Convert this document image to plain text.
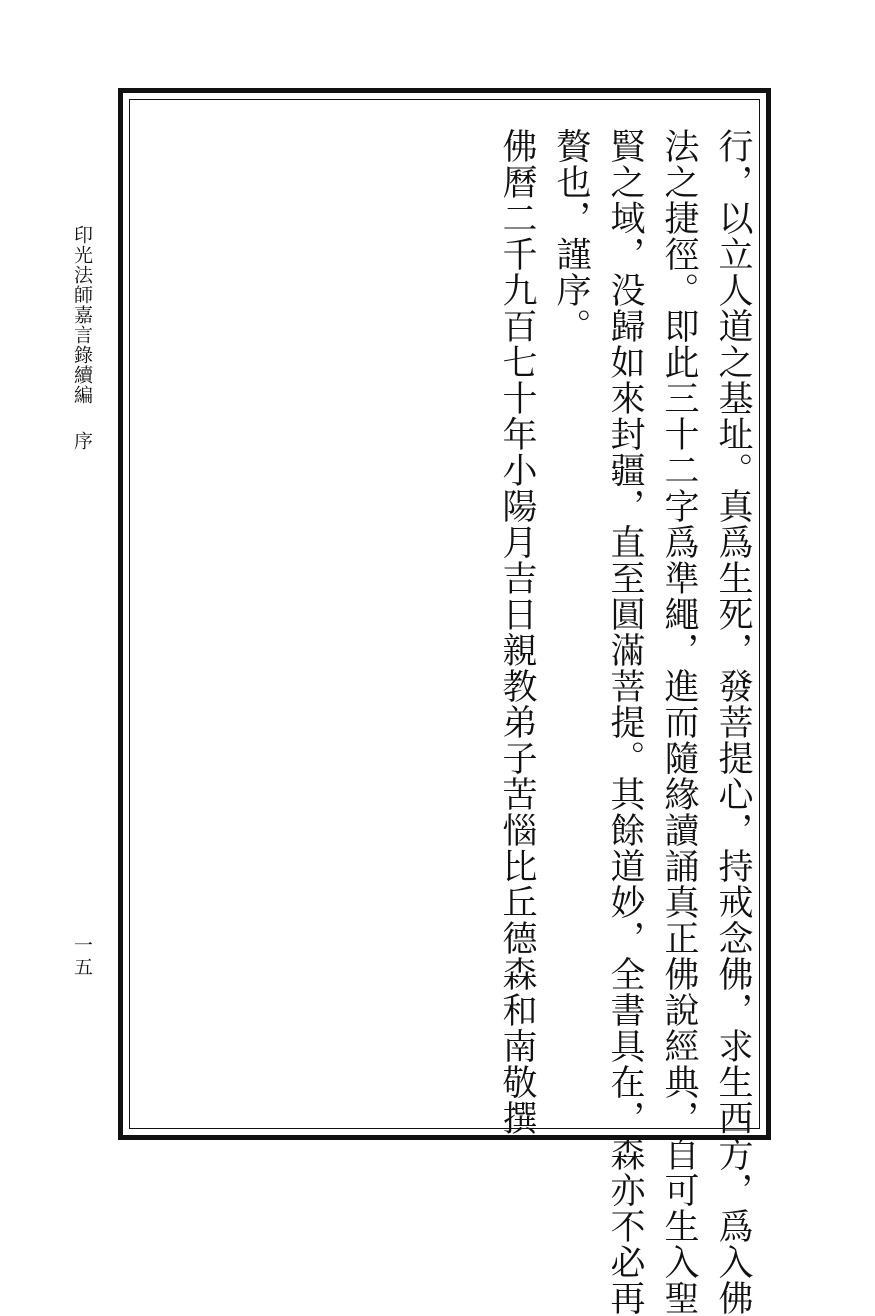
印光法師嘉言錄續編序
一五	行，以立人道之基址。真爲生死，發菩提心，持戒念佛，求生西方，爲入佛
法之捷徑。即此三十二字爲準繩，進而隨緣讀誦真正佛說經典，自可生入聖
賢之域，没歸如來封疆，直至圓滿菩提。其餘道妙，全書具在，森亦不必再
贅也，謹序。
佛曆二千九百七十年小陽月吉日親教弟子苦惱比丘德森和南敬撰
